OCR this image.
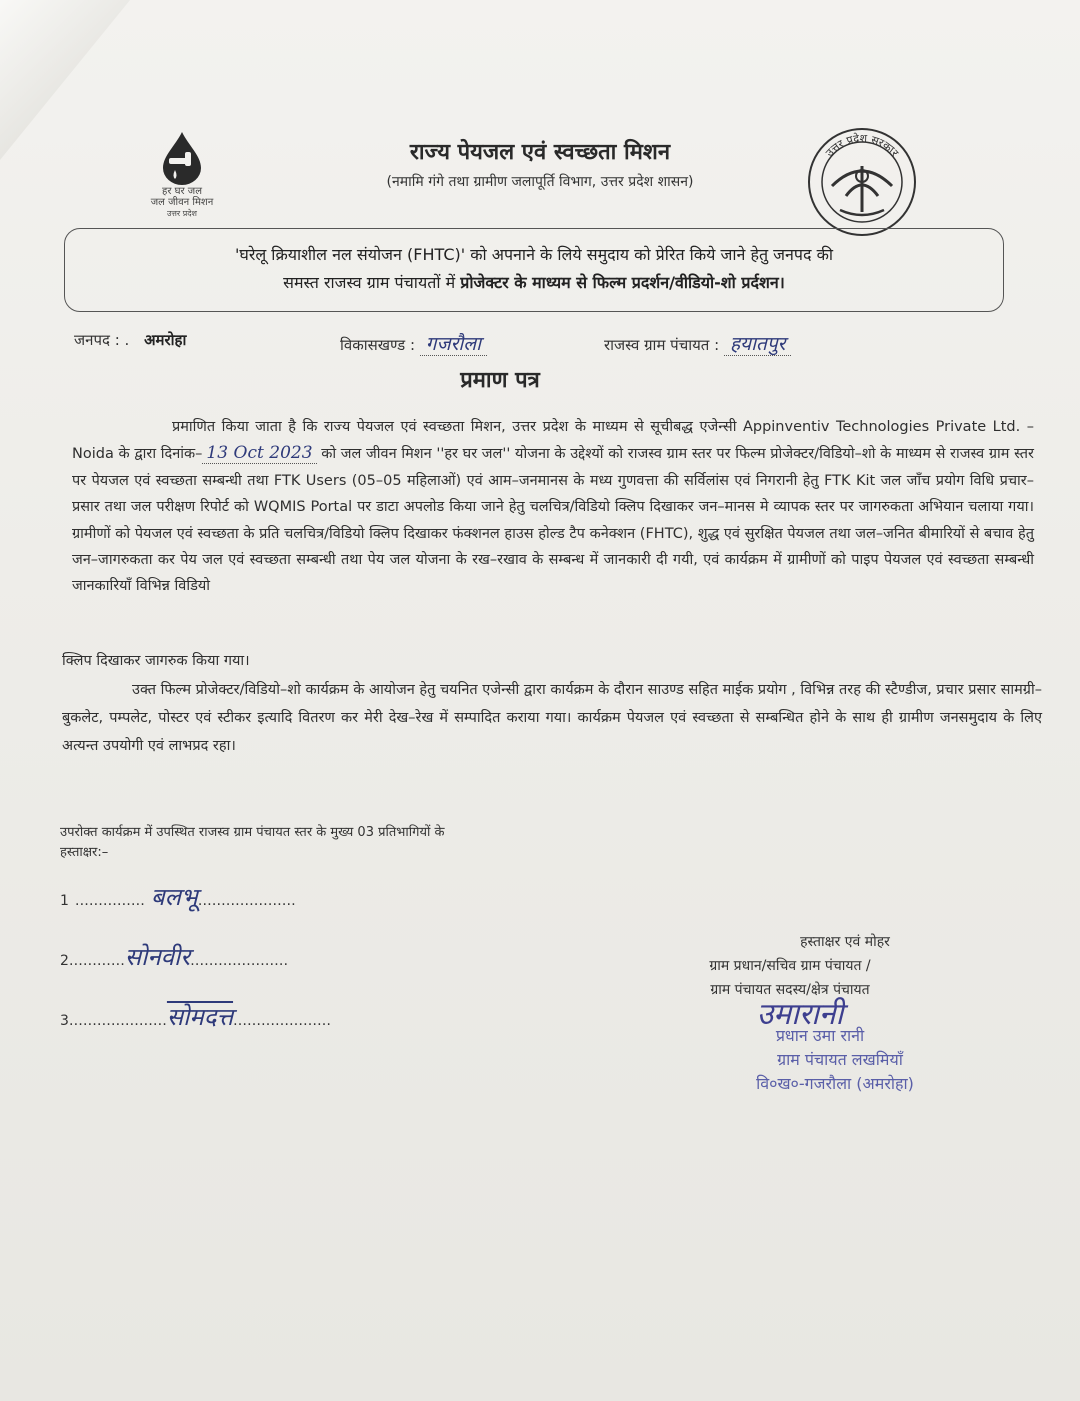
हर घर जल
जल जीवन मिशन
उत्तर प्रदेश
राज्य पेयजल एवं स्वच्छता मिशन
(नमामि गंगे तथा ग्रामीण जलापूर्ति विभाग, उत्तर प्रदेश शासन)
उत्तर प्रदेश सरकार
'घरेलू क्रियाशील नल संयोजन (FHTC)' को अपनाने के लिये समुदाय को प्रेरित किये जाने हेतु जनपद की
समस्त राजस्व ग्राम पंचायतों में प्रोजेक्टर के माध्यम से फिल्म प्रदर्शन/वीडियो-शो प्रर्दशन।
जनपद : . अमरोहा	विकासखण्ड : गजरौला	राजस्व ग्राम पंचायत : हयातपुर
प्रमाण पत्र
प्रमाणित किया जाता है कि राज्य पेयजल एवं स्वच्छता मिशन, उत्तर प्रदेश के माध्यम से सूचीबद्ध एजेन्सी Appinventiv Technologies Private Ltd. – Noida के द्वारा दिनांक– 13 Oct 2023 को जल जीवन मिशन ''हर घर जल'' योजना के उद्देश्यों को राजस्व ग्राम स्तर पर फिल्म प्रोजेक्टर/विडियो–शो के माध्यम से राजस्व ग्राम स्तर पर पेयजल एवं स्वच्छता सम्बन्धी तथा FTK Users (05–05 महिलाओं) एवं आम–जनमानस के मध्य गुणवत्ता की सर्विलांस एवं निगरानी हेतु FTK Kit जल जाँच प्रयोग विधि प्रचार–प्रसार तथा जल परीक्षण रिपोर्ट को WQMIS Portal पर डाटा अपलोड किया जाने हेतु चलचित्र/विडियो क्लिप दिखाकर जन–मानस मे व्यापक स्तर पर जागरुकता अभियान चलाया गया। ग्रामीणों को पेयजल एवं स्वच्छता के प्रति चलचित्र/विडियो क्लिप दिखाकर फंक्शनल हाउस होल्ड टैप कनेक्शन (FHTC), शुद्ध एवं सुरक्षित पेयजल तथा जल–जनित बीमारियों से बचाव हेतु जन–जागरुकता कर पेय जल एवं स्वच्छता सम्बन्धी तथा पेय जल योजना के रख–रखाव के सम्बन्ध में जानकारी दी गयी, एवं कार्यक्रम में ग्रामीणों को पाइप पेयजल एवं स्वच्छता सम्बन्धी जानकारियाँ विभिन्न विडियो
क्लिप दिखाकर जागरुक किया गया।
उक्त फिल्म प्रोजेक्टर/विडियो–शो कार्यक्रम के आयोजन हेतु चयनित एजेन्सी द्वारा कार्यक्रम के दौरान साउण्ड सहित माईक प्रयोग , विभिन्न तरह की स्टैण्डीज, प्रचार प्रसार सामग्री–बुकलेट, पम्पलेट, पोस्टर एवं स्टीकर इत्यादि वितरण कर मेरी देख–रेख में सम्पादित कराया गया। कार्यक्रम पेयजल एवं स्वच्छता से सम्बन्धित होने के साथ ही ग्रामीण जनसमुदाय के लिए अत्यन्त उपयोगी एवं लाभप्रद रहा।
उपरोक्त कार्यक्रम में उपस्थित राजस्व ग्राम पंचायत स्तर के मुख्य 03 प्रतिभागियों के
हस्ताक्षर:–
1 …………… बलभू…………………
2…………सोनवीर…………………
3…………………सोमदत्त…………………
हस्ताक्षर एवं मोहर
ग्राम प्रधान/सचिव ग्राम पंचायत /
ग्राम पंचायत सदस्य/क्षेत्र पंचायत
उमारानी
प्रधान उमा रानी
ग्राम पंचायत लखमियाँ
वि०ख०-गजरौला (अमरोहा)
